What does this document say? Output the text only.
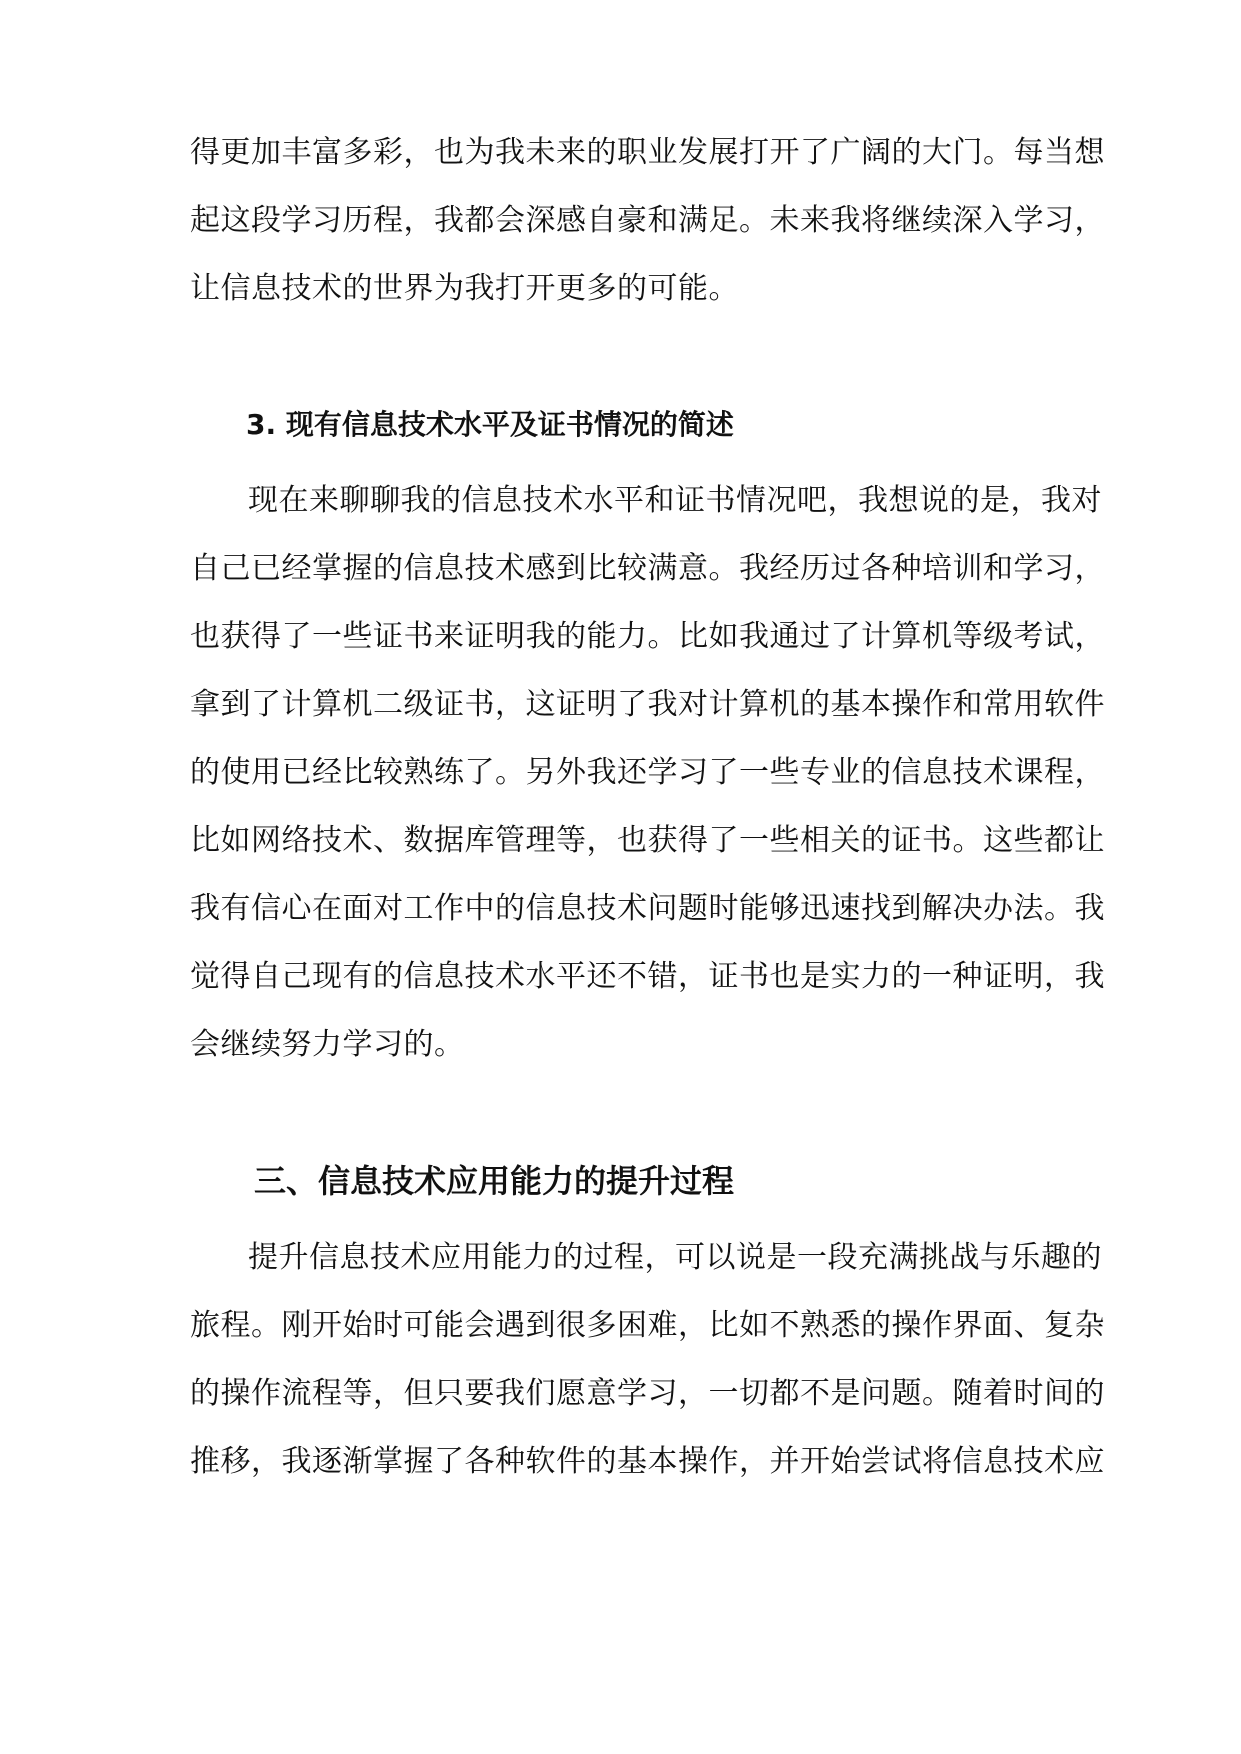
得更加丰富多彩，也为我未来的职业发展打开了广阔的大门。每当想
起这段学习历程，我都会深感自豪和满足。未来我将继续深入学习，
让信息技术的世界为我打开更多的可能。
3. 现有信息技术水平及证书情况的简述
现在来聊聊我的信息技术水平和证书情况吧，我想说的是，我对
自己已经掌握的信息技术感到比较满意。我经历过各种培训和学习，
也获得了一些证书来证明我的能力。比如我通过了计算机等级考试，
拿到了计算机二级证书，这证明了我对计算机的基本操作和常用软件
的使用已经比较熟练了。另外我还学习了一些专业的信息技术课程，
比如网络技术、数据库管理等，也获得了一些相关的证书。这些都让
我有信心在面对工作中的信息技术问题时能够迅速找到解决办法。我
觉得自己现有的信息技术水平还不错，证书也是实力的一种证明，我
会继续努力学习的。
三、信息技术应用能力的提升过程
提升信息技术应用能力的过程，可以说是一段充满挑战与乐趣的
旅程。刚开始时可能会遇到很多困难，比如不熟悉的操作界面、复杂
的操作流程等，但只要我们愿意学习，一切都不是问题。随着时间的
推移，我逐渐掌握了各种软件的基本操作，并开始尝试将信息技术应
